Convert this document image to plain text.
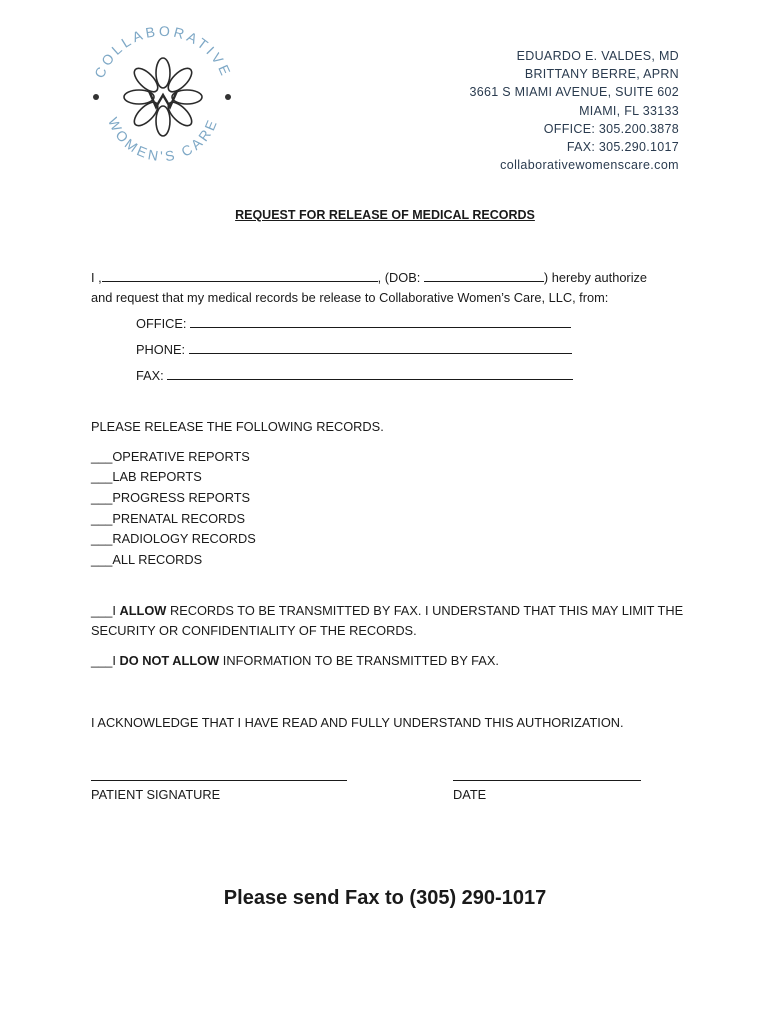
COLLABORATIVE
WOMEN'S CARE
EDUARDO E. VALDES, MD
BRITTANY BERRE, APRN
3661 S MIAMI AVENUE, SUITE 602
MIAMI, FL 33133
OFFICE: 305.200.3878
FAX: 305.290.1017
collaborativewomenscare.com
REQUEST FOR RELEASE OF MEDICAL RECORDS
I ,	, (DOB:	) hereby authorize
and request that my medical records be release to Collaborative Women’s Care, LLC, from:
OFFICE:
PHONE:
FAX:
PLEASE RELEASE THE FOLLOWING RECORDS.
___OPERATIVE REPORTS
___LAB REPORTS
___PROGRESS REPORTS
___PRENATAL RECORDS
___RADIOLOGY RECORDS
___ALL RECORDS
___I ALLOW RECORDS TO BE TRANSMITTED BY FAX. I UNDERSTAND THAT THIS MAY LIMIT THE
SECURITY OR CONFIDENTIALITY OF THE RECORDS.
___I DO NOT ALLOW INFORMATION TO BE TRANSMITTED BY FAX.
I ACKNOWLEDGE THAT I HAVE READ AND FULLY UNDERSTAND THIS AUTHORIZATION.
PATIENT SIGNATURE	DATE
Please send Fax to (305) 290-1017
